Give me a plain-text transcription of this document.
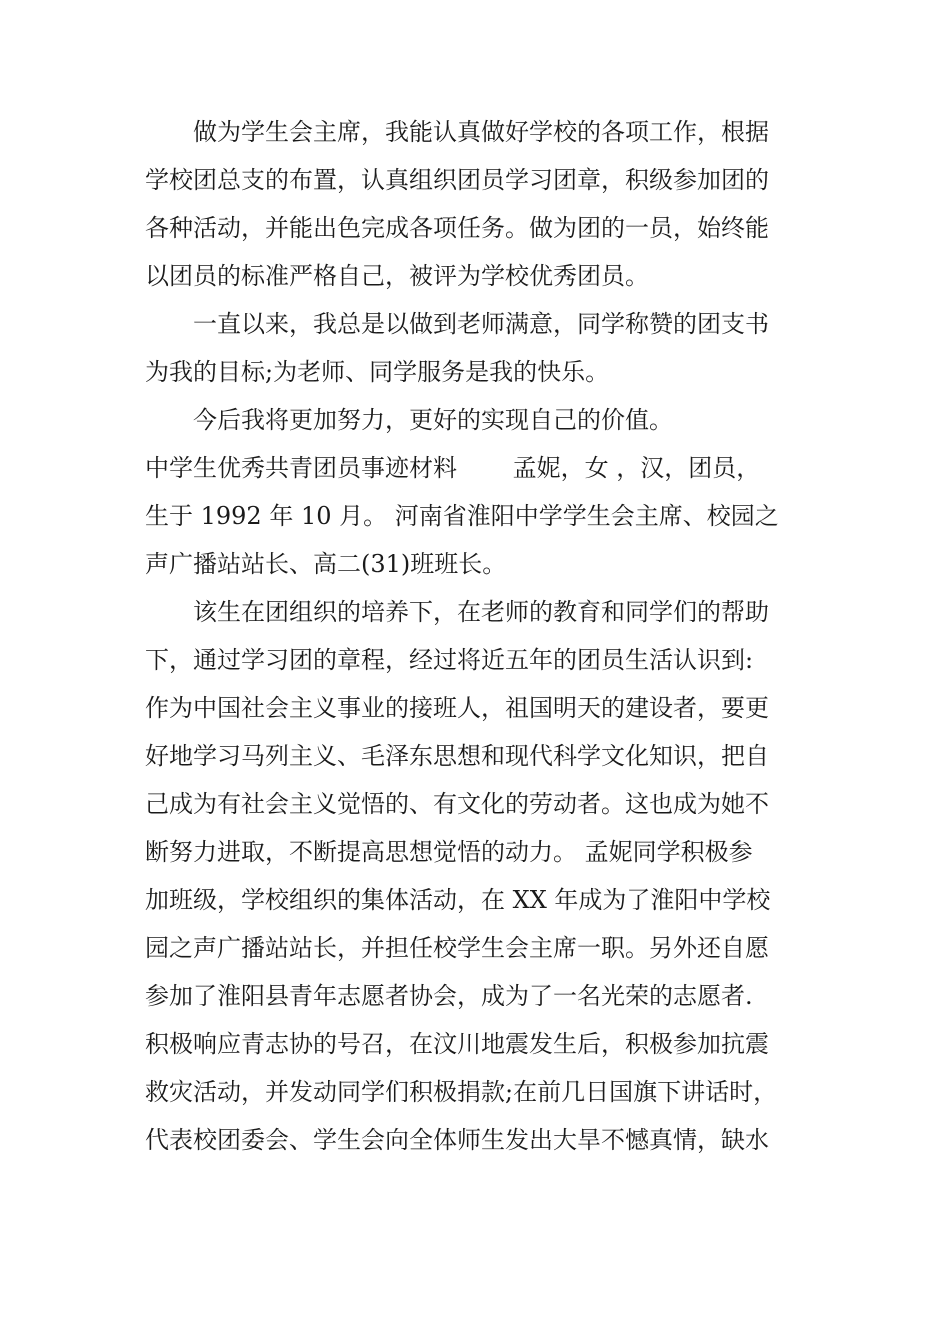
　　做为学生会主席，我能认真做好学校的各项工作，根据
学校团总支的布置，认真组织团员学习团章，积级参加团的
各种活动，并能出色完成各项任务。做为团的一员，始终能
以团员的标准严格自己，被评为学校优秀团员。
　　一直以来，我总是以做到老师满意，同学称赞的团支书
为我的目标;为老师、同学服务是我的快乐。
　　今后我将更加努力，更好的实现自己的价值。
中学生优秀共青团员事迹材料　　 孟妮，女 ，汉，团员，
生于 1992 年 10 月。 河南省淮阳中学学生会主席、校园之
声广播站站长、高二(31)班班长。
　　该生在团组织的培养下，在老师的教育和同学们的帮助
下，通过学习团的章程，经过将近五年的团员生活认识到:
作为中国社会主义事业的接班人，祖国明天的建设者，要更
好地学习马列主义、毛泽东思想和现代科学文化知识，把自
己成为有社会主义觉悟的、有文化的劳动者。这也成为她不
断努力进取，不断提高思想觉悟的动力。 孟妮同学积极参
加班级，学校组织的集体活动，在 XX 年成为了淮阳中学校
园之声广播站站长，并担任校学生会主席一职。另外还自愿
参加了淮阳县青年志愿者协会，成为了一名光荣的志愿者.
积极响应青志协的号召，在汶川地震发生后，积极参加抗震
救灾活动，并发动同学们积极捐款;在前几日国旗下讲话时，
代表校团委会、学生会向全体师生发出大旱不憾真情，缺水
